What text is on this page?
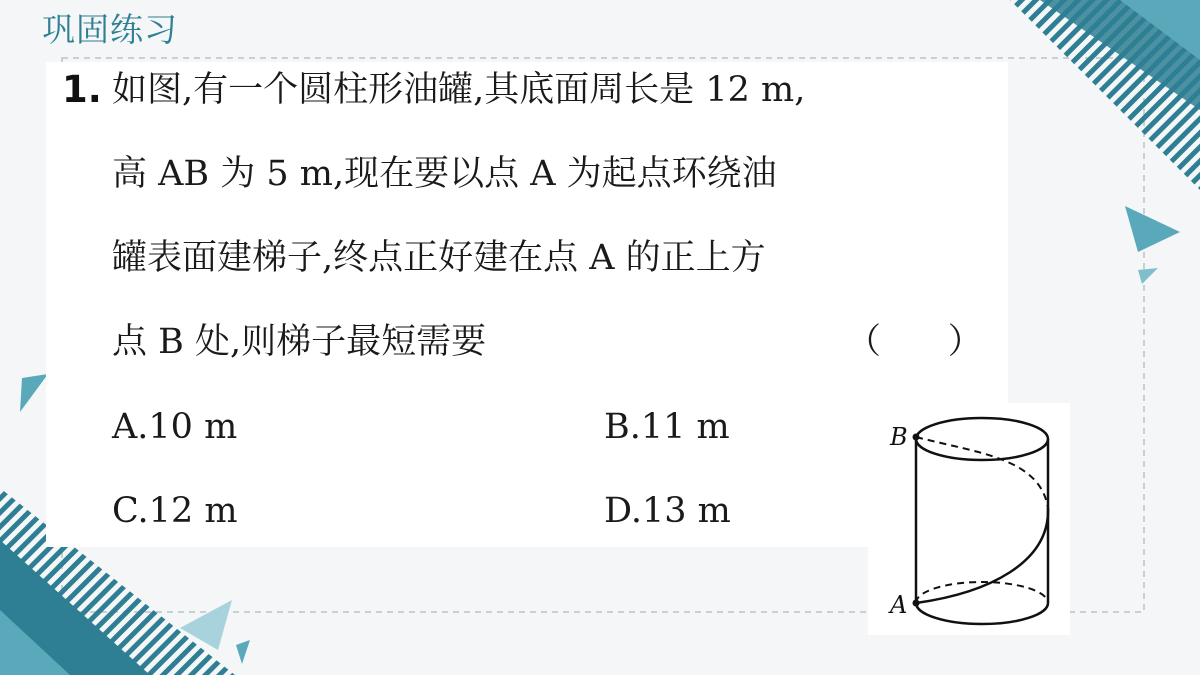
巩固练习
1. 如图,有一个圆柱形油罐,其底面周长是 12 m,
高 AB 为 5 m,现在要以点 A 为起点环绕油
罐表面建梯子,终点正好建在点 A 的正上方
点 B 处,则梯子最短需要	（      ）
A.10 m	B.11 m
C.12 m	D.13 m
B
A
